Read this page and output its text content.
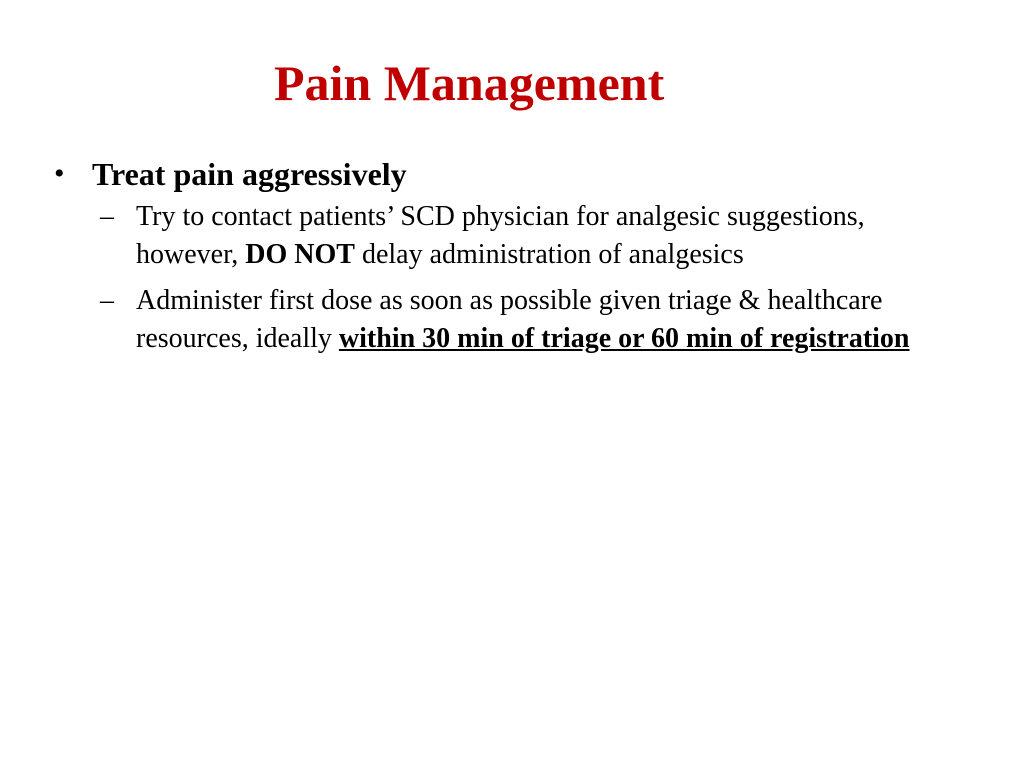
Pain Management
• Treat pain aggressively
– Try to contact patients’ SCD physician for analgesic suggestions, however, DO NOT delay administration of analgesics
– Administer first dose as soon as possible given triage & healthcare resources, ideally within 30 min of triage or 60 min of registration
